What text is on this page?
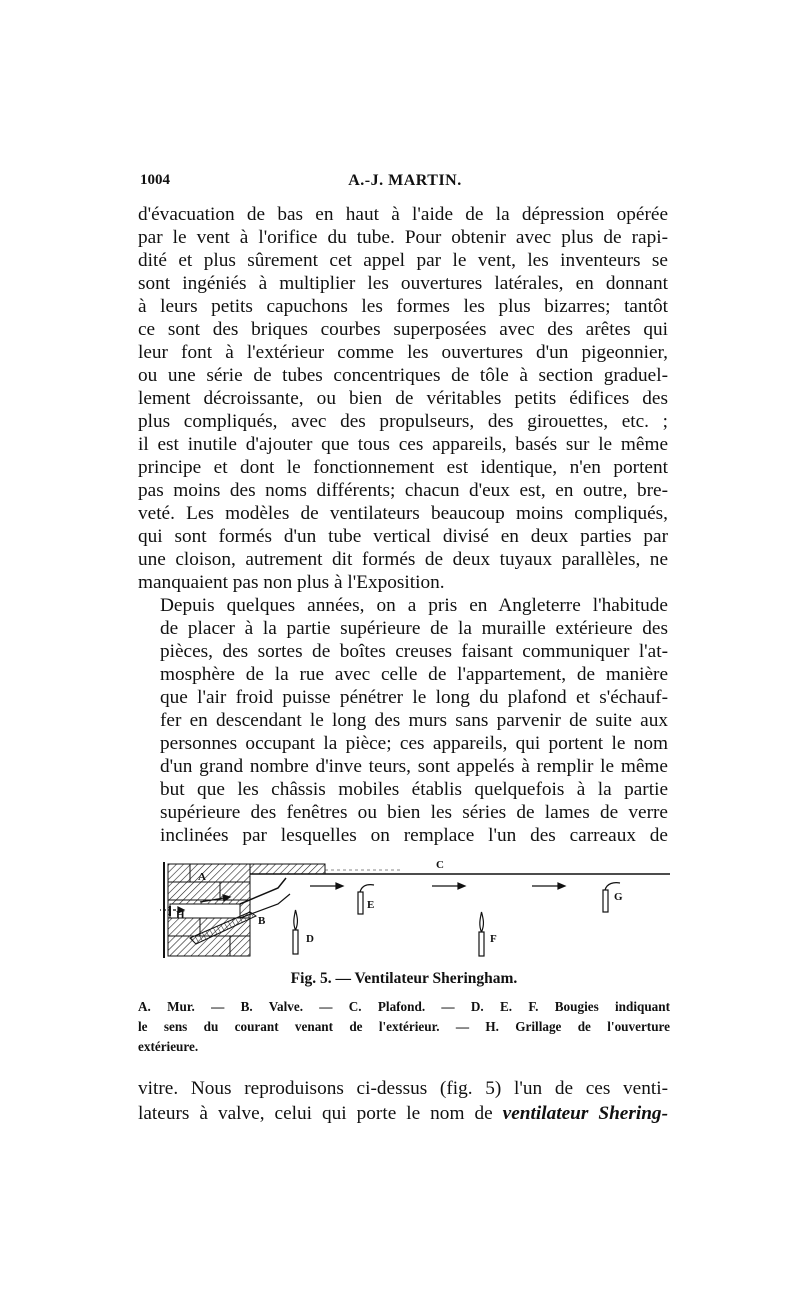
1004	A.-J. MARTIN.

d'évacuation de bas en haut à l'aide de la dépression opérée
par le vent à l'orifice du tube. Pour obtenir avec plus de rapi-
dité et plus sûrement cet appel par le vent, les inventeurs se
sont ingéniés à multiplier les ouvertures latérales, en donnant
à leurs petits capuchons les formes les plus bizarres; tantôt
ce sont des briques courbes superposées avec des arêtes qui
leur font à l'extérieur comme les ouvertures d'un pigeonnier,
ou une série de tubes concentriques de tôle à section graduel-
lement décroissante, ou bien de véritables petits édifices des
plus compliqués, avec des propulseurs, des girouettes, etc. ;
il est inutile d'ajouter que tous ces appareils, basés sur le même
principe et dont le fonctionnement est identique, n'en portent
pas moins des noms différents; chacun d'eux est, en outre, bre-
veté. Les modèles de ventilateurs beaucoup moins compliqués,
qui sont formés d'un tube vertical divisé en deux parties par
une cloison, autrement dit formés de deux tuyaux parallèles, ne
manquaient pas non plus à l'Exposition.

Depuis quelques années, on a pris en Angleterre l'habitude
de placer à la partie supérieure de la muraille extérieure des
pièces, des sortes de boîtes creuses faisant communiquer l'at-
mosphère de la rue avec celle de l'appartement, de manière
que l'air froid puisse pénétrer le long du plafond et s'échauf-
fer en descendant le long des murs sans parvenir de suite aux
personnes occupant la pièce; ces appareils, qui portent le nom
d'un grand nombre d'inve teurs, sont appelés à remplir le même
but que les châssis mobiles établis quelquefois à la partie
supérieure des fenêtres ou bien les séries de lames de verre
inclinées par lesquelles on remplace l'un des carreaux de

A
B
C
D
E
F
G
H
Fig. 5. — Ventilateur Sheringham.
A. Mur. — B. Valve. — C. Plafond. — D. E. F. Bougies indiquant
le sens du courant venant de l'extérieur. — H. Grillage de l'ouverture
extérieure.
vitre. Nous reproduisons ci-dessus (fig. 5) l'un de ces venti-
lateurs à valve, celui qui porte le nom de ventilateur Shering-
